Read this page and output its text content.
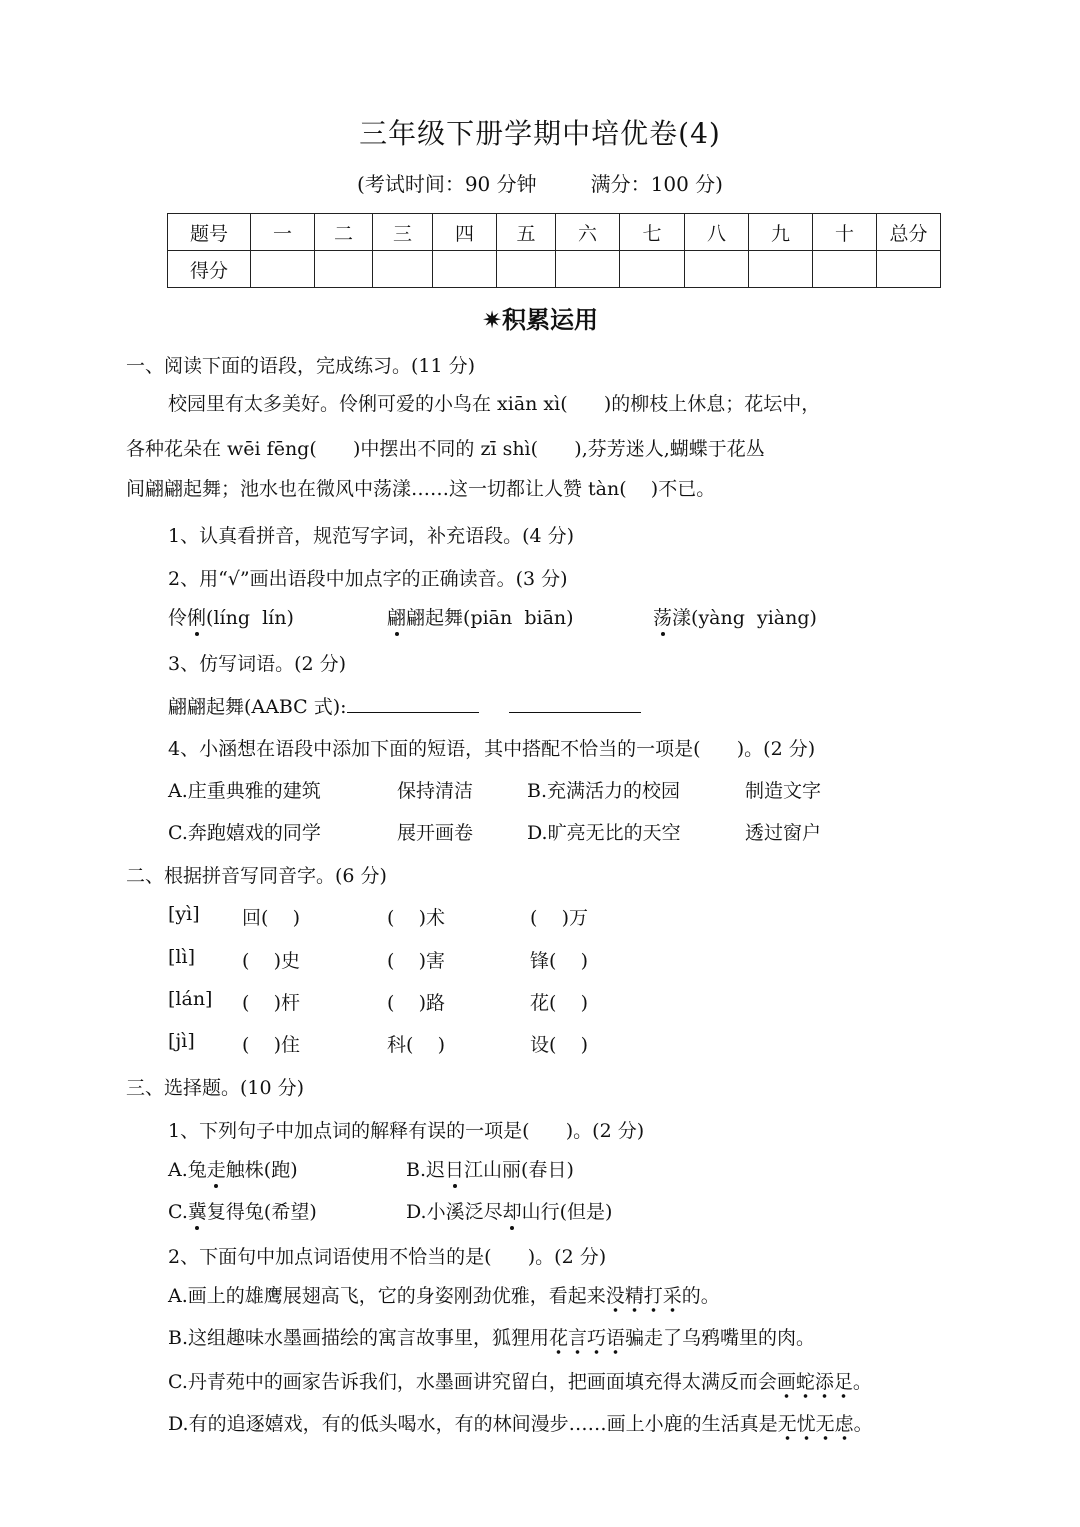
三年级下册学期中培优卷(4)
(考试时间：90 分钟	满分：100 分)
题号	一	二	三	四	五	六	七	八	九	十	总分
得分											
✷积累运用
一、阅读下面的语段，完成练习。(11 分)
校园里有太多美好。伶俐可爱的小鸟在 xiān xì(      )的柳枝上休息；花坛中，
各种花朵在 wēi fēng(      )中摆出不同的 zī shì(      ),芬芳迷人,蝴蝶于花丛
间翩翩起舞；池水也在微风中荡漾……这一切都让人赞 tàn(    )不已。
1、认真看拼音，规范写字词，补充语段。(4 分)
2、用“√”画出语段中加点字的正确读音。(3 分)
伶俐(líng  lín)	翩翩起舞(piān  biān)	荡漾(yàng  yiàng)
3、仿写词语。(2 分)
翩翩起舞(AABC 式):
4、小涵想在语段中添加下面的短语，其中搭配不恰当的一项是(      )。(2 分)
A.庄重典雅的建筑	保持清洁	B.充满活力的校园	制造文字
C.奔跑嬉戏的同学	展开画卷	D.旷亮无比的天空	透过窗户
二、根据拼音写同音字。(6 分)
[yì] 回(    )	(    )术	(    )万
[lì] (    )史	(    )害	锋(    )
[lán] (    )杆	(    )路	花(    )
[jì] (    )住	科(    )	设(    )
三、选择题。(10 分)
1、下列句子中加点词的解释有误的一项是(      )。(2 分)
A.兔走触株(跑)	B.迟日江山丽(春日)
C.冀复得兔(希望)	D.小溪泛尽却山行(但是)
2、下面句中加点词语使用不恰当的是(      )。(2 分)
A.画上的雄鹰展翅高飞，它的身姿刚劲优雅，看起来没精打采的。
B.这组趣味水墨画描绘的寓言故事里，狐狸用花言巧语骗走了乌鸦嘴里的肉。
C.丹青苑中的画家告诉我们，水墨画讲究留白，把画面填充得太满反而会画蛇添足。
D.有的追逐嬉戏，有的低头喝水，有的林间漫步……画上小鹿的生活真是无忧无虑。
